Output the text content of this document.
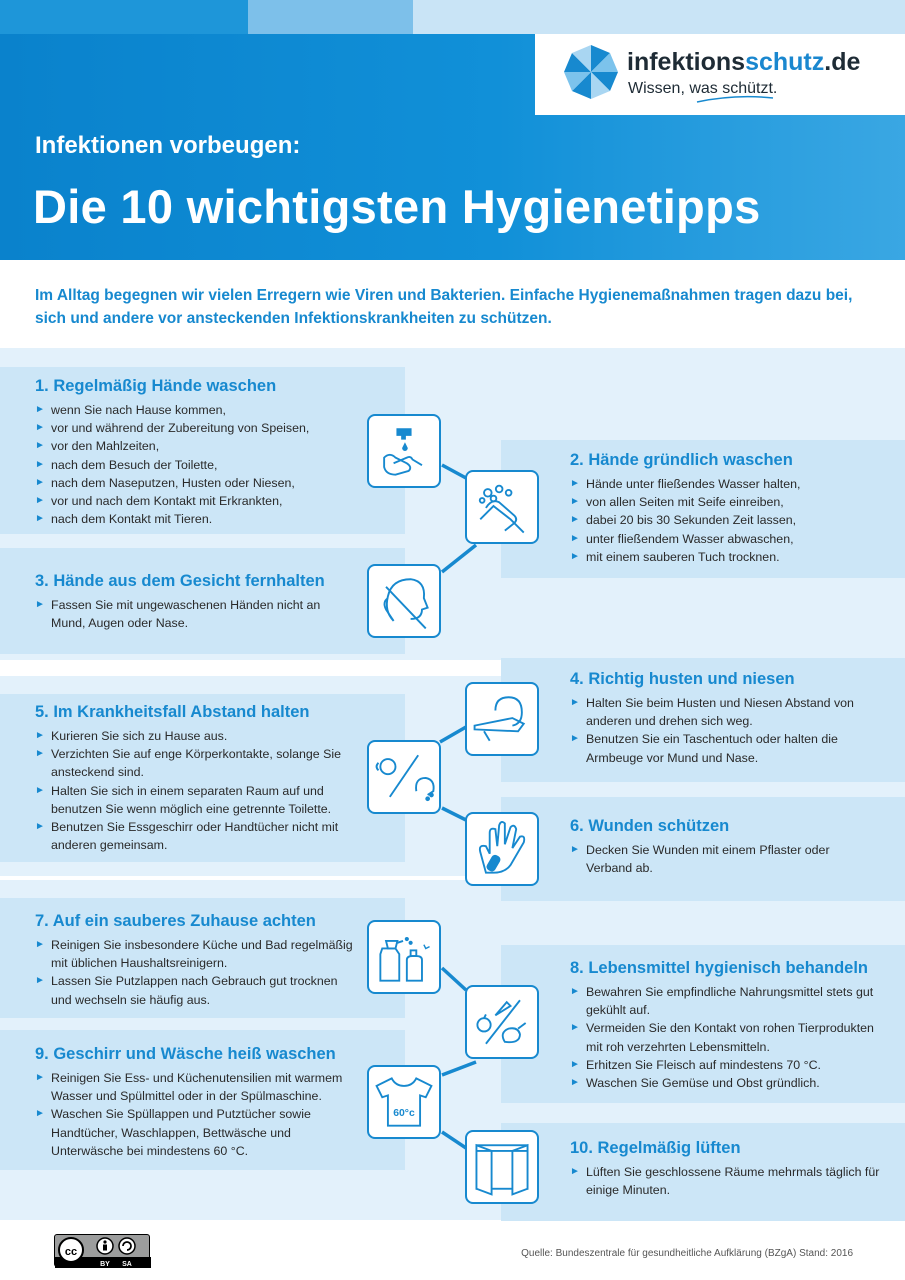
Infektionen vorbeugen:
Die 10 wichtigsten Hygienetipps
infektionsschutz.de
Wissen, was schützt.
Im Alltag begegnen wir vielen Erregern wie Viren und Bakterien. Einfache Hygienemaßnahmen tragen dazu bei, sich und andere vor ansteckenden Infektionskrankheiten zu schützen.
1. Regelmäßig Hände waschen
► wenn Sie nach Hause kommen,
► vor und während der Zubereitung von Speisen,
► vor den Mahlzeiten,
► nach dem Besuch der Toilette,
► nach dem Naseputzen, Husten oder Niesen,
► vor und nach dem Kontakt mit Erkrankten,
► nach dem Kontakt mit Tieren.
2. Hände gründlich waschen
► Hände unter fließendes Wasser halten,
► von allen Seiten mit Seife einreiben,
► dabei 20 bis 30 Sekunden Zeit lassen,
► unter fließendem Wasser abwaschen,
► mit einem sauberen Tuch trocknen.
3. Hände aus dem Gesicht fernhalten
► Fassen Sie mit ungewaschenen Händen nicht an Mund, Augen oder Nase.
4. Richtig husten und niesen
► Halten Sie beim Husten und Niesen Abstand von anderen und drehen sich weg.
► Benutzen Sie ein Taschentuch oder halten die Armbeuge vor Mund und Nase.
5. Im Krankheitsfall Abstand halten
► Kurieren Sie sich zu Hause aus.
► Verzichten Sie auf enge Körperkontakte, solange Sie ansteckend sind.
► Halten Sie sich in einem separaten Raum auf und benutzen Sie wenn möglich eine getrennte Toilette.
► Benutzen Sie Essgeschirr oder Handtücher nicht mit anderen gemeinsam.
6. Wunden schützen
► Decken Sie Wunden mit einem Pflaster oder Verband ab.
7. Auf ein sauberes Zuhause achten
► Reinigen Sie insbesondere Küche und Bad regelmäßig mit üblichen Haushaltsreinigern.
► Lassen Sie Putzlappen nach Gebrauch gut trocknen und wechseln sie häufig aus.
8. Lebensmittel hygienisch behandeln
► Bewahren Sie empfindliche Nahrungsmittel stets gut gekühlt auf.
► Vermeiden Sie den Kontakt von rohen Tierprodukten mit roh verzehrten Lebensmitteln.
► Erhitzen Sie Fleisch auf mindestens 70 °C.
► Waschen Sie Gemüse und Obst gründlich.
9. Geschirr und Wäsche heiß waschen
► Reinigen Sie Ess- und Küchenutensilien mit warmem Wasser und Spülmittel oder in der Spülmaschine.
► Waschen Sie Spüllappen und Putztücher sowie Handtücher, Waschlappen, Bettwäsche und Unterwäsche bei mindestens 60 °C.	10. Regelmäßig lüften
► Lüften Sie geschlossene Räume mehrmals täglich für einige Minuten.
60°c
cc
BY SA
Quelle: Bundeszentrale für gesundheitliche Aufklärung (BZgA) Stand: 2016
